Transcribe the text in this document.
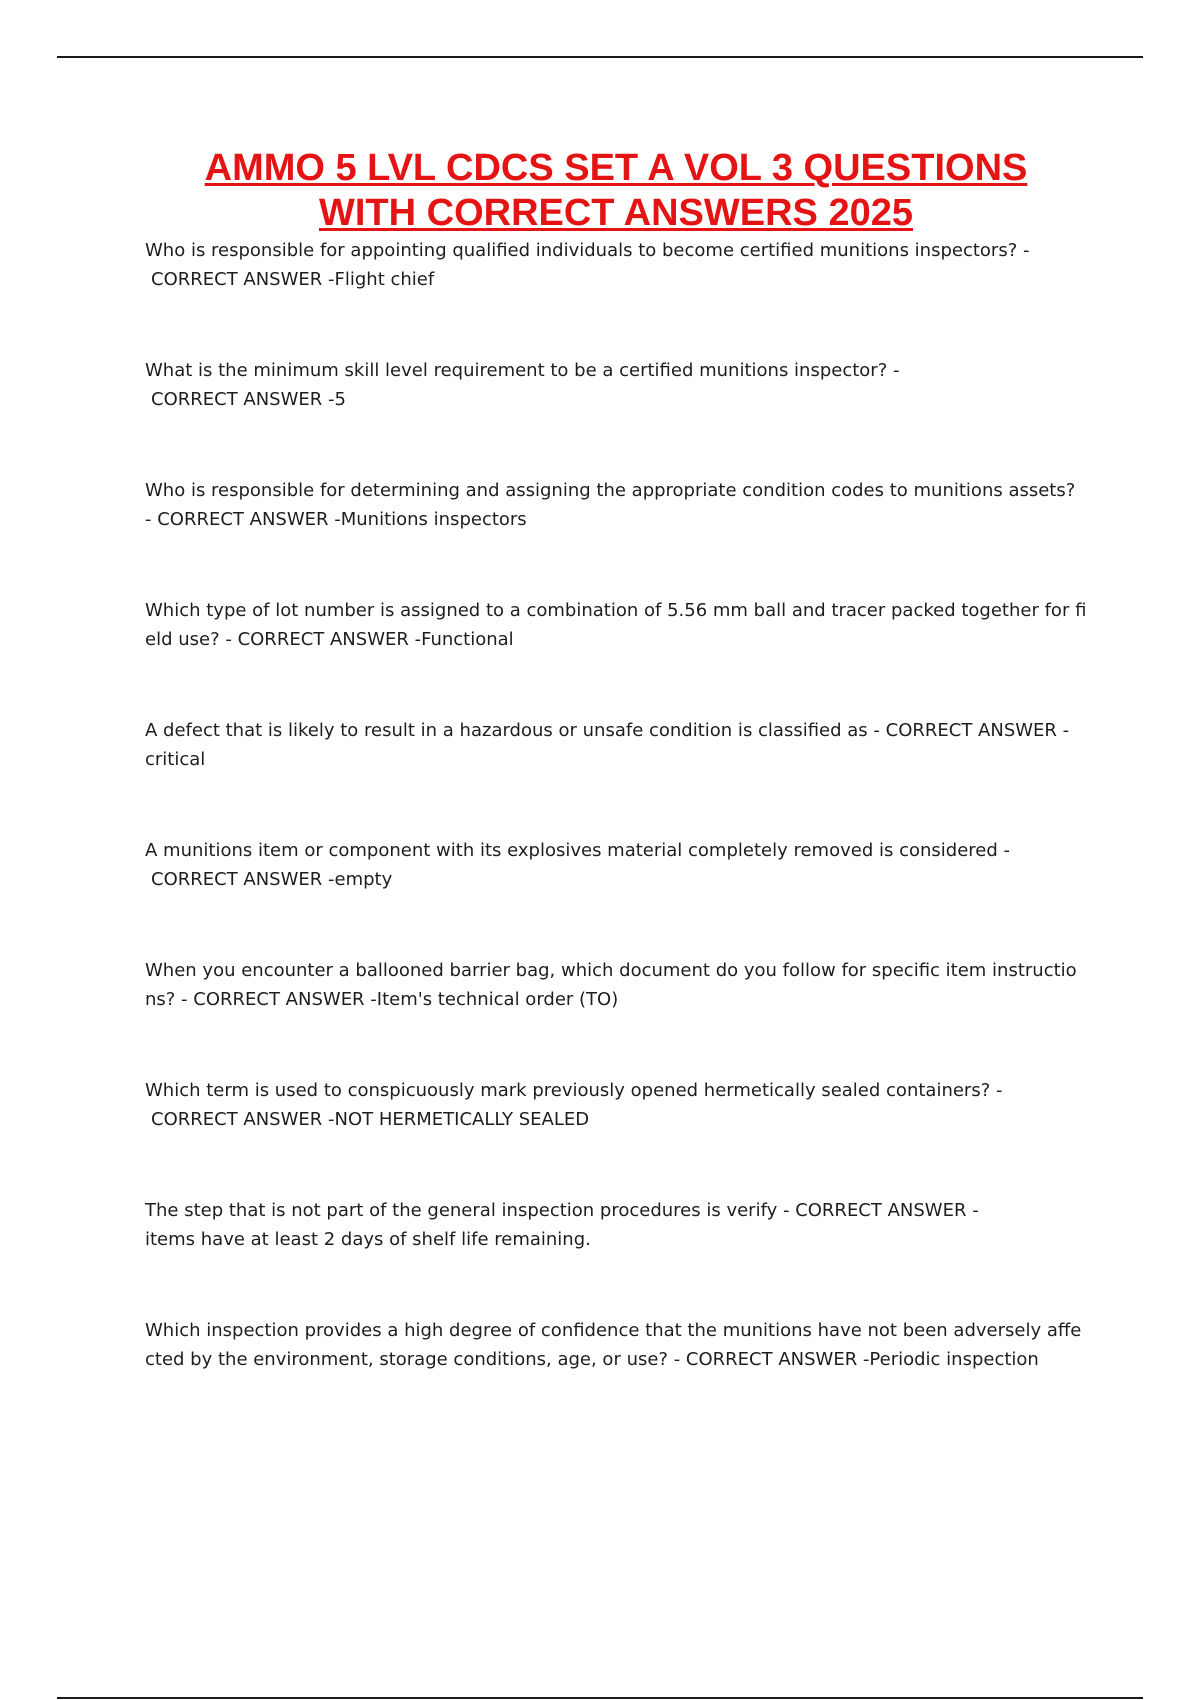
AMMO 5 LVL CDCS SET A VOL 3 QUESTIONS
WITH CORRECT ANSWERS 2025
Who is responsible for appointing qualified individuals to become certified munitions inspectors? -
CORRECT ANSWER -Flight chief
What is the minimum skill level requirement to be a certified munitions inspector? -
CORRECT ANSWER -5
Who is responsible for determining and assigning the appropriate condition codes to munitions assets?
- CORRECT ANSWER -Munitions inspectors
Which type of lot number is assigned to a combination of 5.56 mm ball and tracer packed together for fi
eld use? - CORRECT ANSWER -Functional
A defect that is likely to result in a hazardous or unsafe condition is classified as - CORRECT ANSWER -
critical
A munitions item or component with its explosives material completely removed is considered -
CORRECT ANSWER -empty
When you encounter a ballooned barrier bag, which document do you follow for specific item instructio
ns? - CORRECT ANSWER -Item's technical order (TO)
Which term is used to conspicuously mark previously opened hermetically sealed containers? -
CORRECT ANSWER -NOT HERMETICALLY SEALED
The step that is not part of the general inspection procedures is verify - CORRECT ANSWER -
items have at least 2 days of shelf life remaining.
Which inspection provides a high degree of confidence that the munitions have not been adversely affe
cted by the environment, storage conditions, age, or use? - CORRECT ANSWER -Periodic inspection
